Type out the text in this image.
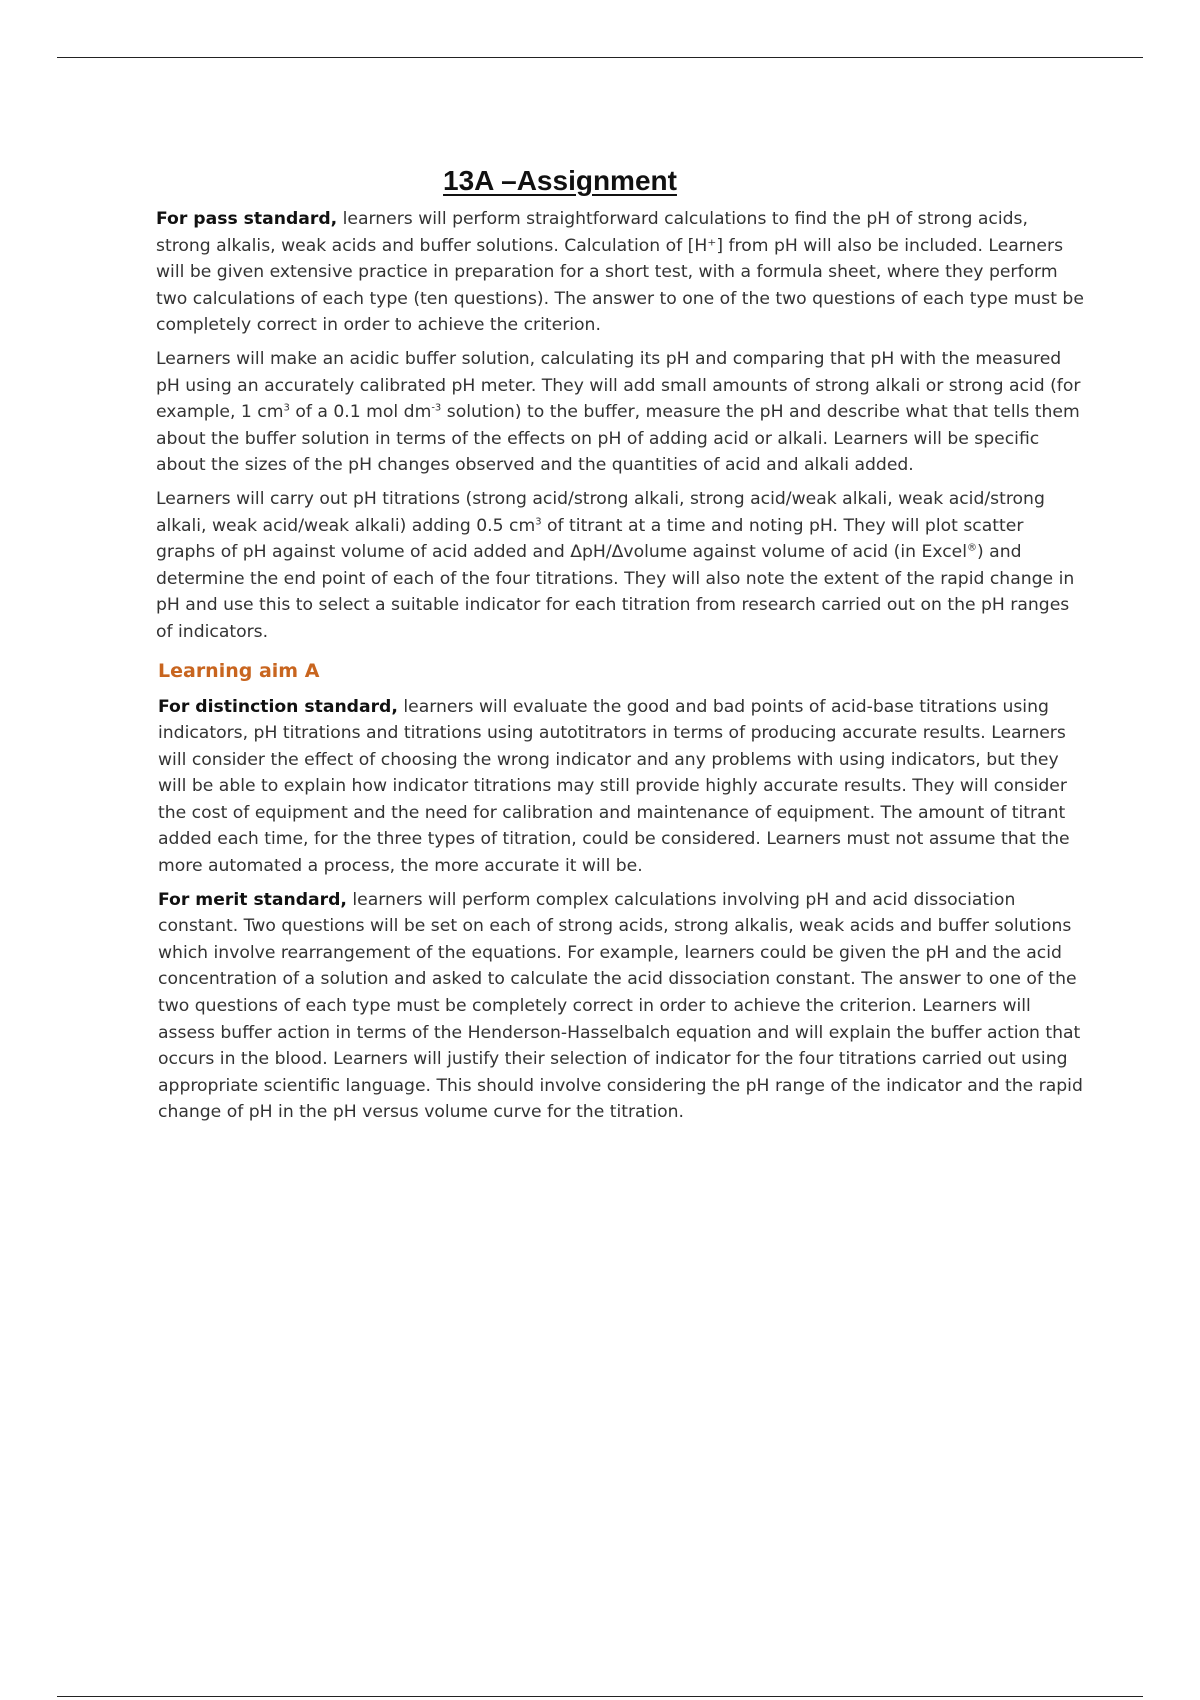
13A –Assignment

For pass standard, learners will perform straightforward calculations to find the pH of strong acids, strong alkalis, weak acids and buffer solutions. Calculation of [H⁺] from pH will also be included. Learners will be given extensive practice in preparation for a short test, with a formula sheet, where they perform two calculations of each type (ten questions). The answer to one of the two questions of each type must be completely correct in order to achieve the criterion.

Learners will make an acidic buffer solution, calculating its pH and comparing that pH with the measured pH using an accurately calibrated pH meter. They will add small amounts of strong alkali or strong acid (for example, 1 $cm^3$ of a 0.1 mol $dm^{-3}$ solution) to the buffer, measure the pH and describe what that tells them about the buffer solution in terms of the effects on pH of adding acid or alkali. Learners will be specific about the sizes of the pH changes observed and the quantities of acid and alkali added.

Learners will carry out pH titrations (strong acid/strong alkali, strong acid/weak alkali, weak acid/strong alkali, weak acid/weak alkali) adding 0.5 $cm^3$ of titrant at a time and noting pH. They will plot scatter graphs of pH against volume of acid added and ΔpH/Δvolume against volume of acid (in Excel®) and determine the end point of each of the four titrations. They will also note the extent of the rapid change in pH and use this to select a suitable indicator for each titration from research carried out on the pH ranges of indicators.

Learning aim A

For distinction standard, learners will evaluate the good and bad points of acid-base titrations using indicators, pH titrations and titrations using autotitrators in terms of producing accurate results. Learners will consider the effect of choosing the wrong indicator and any problems with using indicators, but they will be able to explain how indicator titrations may still provide highly accurate results. They will consider the cost of equipment and the need for calibration and maintenance of equipment. The amount of titrant added each time, for the three types of titration, could be considered. Learners must not assume that the more automated a process, the more accurate it will be.

For merit standard, learners will perform complex calculations involving pH and acid dissociation constant. Two questions will be set on each of strong acids, strong alkalis, weak acids and buffer solutions which involve rearrangement of the equations. For example, learners could be given the pH and the acid concentration of a solution and asked to calculate the acid dissociation constant. The answer to one of the two questions of each type must be completely correct in order to achieve the criterion. Learners will assess buffer action in terms of the Henderson-Hasselbalch equation and will explain the buffer action that occurs in the blood. Learners will justify their selection of indicator for the four titrations carried out using appropriate scientific language. This should involve considering the pH range of the indicator and the rapid change of pH in the pH versus volume curve for the titration.
